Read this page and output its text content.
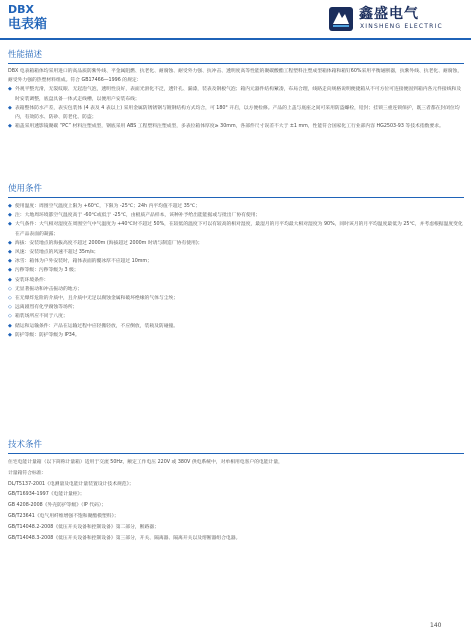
DBX
电表箱
鑫盛电气
XINSHENG ELECTRIC
性能描述

DBX 电表箱箱体均采用进口的高品质防紫外线、平金属阻燃、抗老化、耐腐蚀、耐受外力强、抗冲击、透明度高等性能的聚碳酸酯工程塑料注塑成型箱体箱和箱钉60%采用平衡通断器，抗紫外线、抗老化、耐腐蚀，耐受外力强的热塑材料组成。符合 GB17466—1996 的规定：

◆ 外观平整光滑，无裂纹眼、无起泡气泡，透明性良好，表面光滑化不泛，透针孔、漏漆，装表及钢板气泡；箱内元器件结构紧凑，布局合理，线路走向规格说明便捷箱从不可方位可连接便固到箱内各元件接线和及时安装调整，底盘具备一体式走线槽，以便用户安装布线；
◆ 表箱整体防水产差，表实包装体 (4 表及 4 表以上) 采用金属防锈锈钢与镀钢结构方式均合，可 180° 开启，以方便检修。产品的上盖与底座之间可采用防盗螺栓，铅封；挂锁三重连锁保护，既三者都在封闭位均内，有效防水、防砂、防老化、防盗；
◆ 箱盖采用透影镜聚碳 “PC” 材料注塑成型，钢底采用 ABS 工程塑料注塑成型，多表位箱体厚度≥ 30mm，各部件尺寸误差不大于 ±1 mm，性能符合国家化工行业部内容 HG2503-93 等技术指数要求。
使用条件
◆ 使用温度：周围空气温度上限为 +60℃，下限为 -25℃；24h 内平均值不超过 35℃；
◆ 注：大地周环境都空气温度高于 -60℃或低于 -25℃，由板质产品样本，该种补予给出能能据或与批出厂协有使用；
◆ 大气条件：大气相对湿度在周围空气中气温度为 +40℃时不超过 50%，在较低的温度下可以有较高的相对湿度，最湿月的月平均最大相对湿度为 90%，同时该月的月平均温度最低为 25℃，并考虑根据温度变化在产品表面的凝露；
◆ 海拔：安装地点的海拔高度不超过 2000m (海拔超过 2000m 时请与制造厂协有使用)；
◆ 风速：安装地点的风速不超过 35m/s；
◆ 冰雪：箱体为户外安装时，箱体表面的覆冰厚不应超过 10mm；
◆ 污秽等级：污秽等级为 3 级；
◆ 安装环境条件：
◇ 无显著振动和冲击振动的地方；
◇ 在无爆炸危险的介质中，且介质中无足以腐蚀金属和破坏绝缘的气体与尘埃；
◇ 远离剧烈有化学腐蚀等场所；
◇ 箱装场所应不同于八度；
◆ 储运和运输条件：产品在运输过程中应轻搬轻放，不应倒放，装载及防碰撞。
◆ 防护等级：防护等级为 IP34。
技术条件

住宅电能计量箱（以下简称计量箱）适用于交流 50Hz，额定工作电压 220V 或 380V 供电系统中，对单相用电客户的电能计量，

计量箱符合标准：

DL/T5137-2001《电测量及电能计量装置设计技术规范》；

GB/T16934-1997《电能计量柜》；

GB 4208-2008《外壳防护等级》（IP 代码）；

GB/T23641《电气用纤维增强不饱和聚酯模塑料》；

GB/T14048.2-2008《低压开关设备和控制设备》第二部分，断路器；

GB/T14048.3-2008《低压开关设备和控制设备》第三部分，开关、隔离器、隔离开关以及熔断器组合电器。

140
